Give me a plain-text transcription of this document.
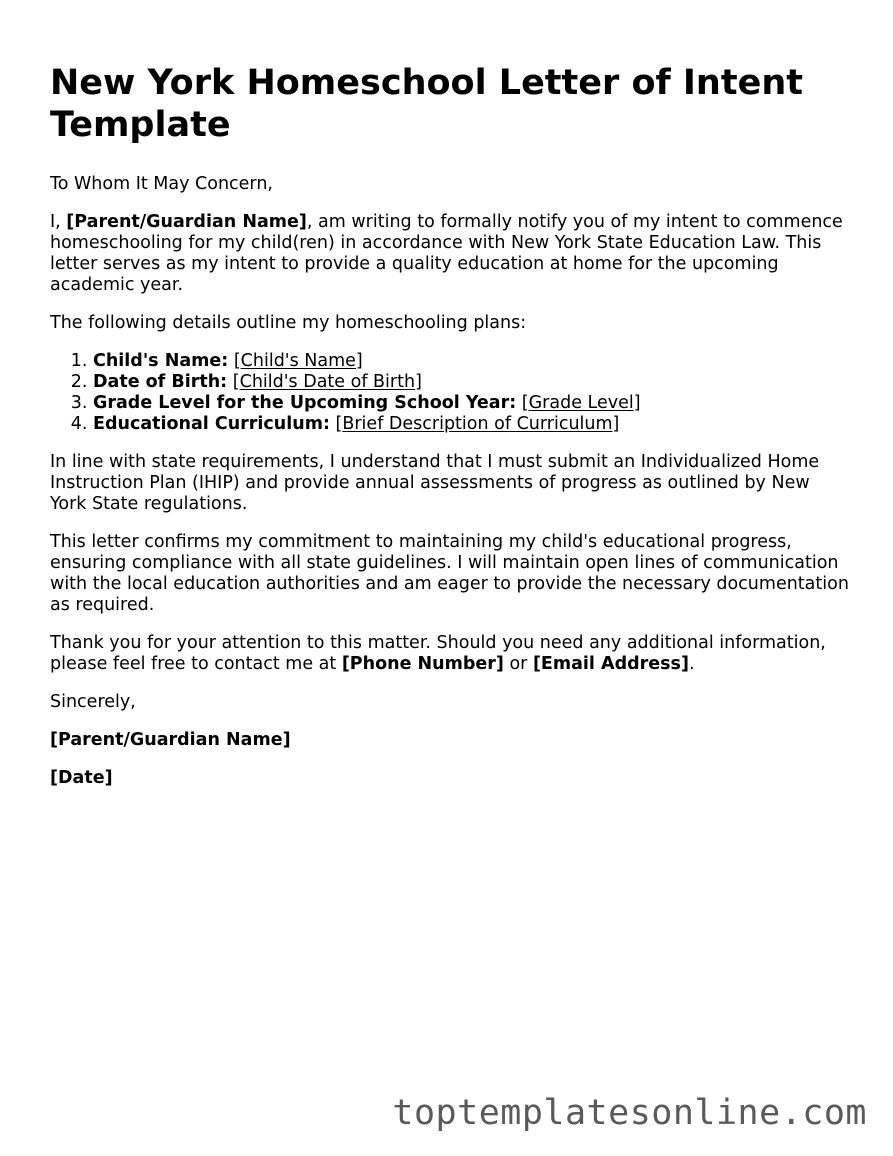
New York Homeschool Letter of Intent Template

To Whom It May Concern,

I, [Parent/Guardian Name], am writing to formally notify you of my intent to commence homeschooling for my child(ren) in accordance with New York State Education Law. This letter serves as my intent to provide a quality education at home for the upcoming academic year.

The following details outline my homeschooling plans:

1. Child's Name: [Child's Name]
2. Date of Birth: [Child's Date of Birth]
3. Grade Level for the Upcoming School Year: [Grade Level]
4. Educational Curriculum: [Brief Description of Curriculum]

In line with state requirements, I understand that I must submit an Individualized Home Instruction Plan (IHIP) and provide annual assessments of progress as outlined by New York State regulations.

This letter confirms my commitment to maintaining my child's educational progress, ensuring compliance with all state guidelines. I will maintain open lines of communication with the local education authorities and am eager to provide the necessary documentation as required.

Thank you for your attention to this matter. Should you need any additional information, please feel free to contact me at [Phone Number] or [Email Address].

Sincerely,

[Parent/Guardian Name]

[Date]

toptemplatesonline.com
